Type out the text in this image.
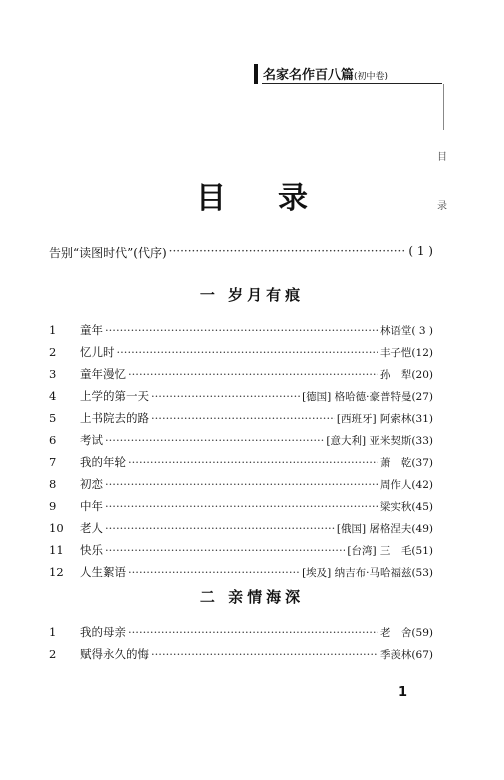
名家名作百八篇(初中卷)
目
录
目 录
告别“读图时代”(代序) ·····	( 1 )
一 岁月有痕
1	童年 ·····	林语堂( 3 )
2	忆儿时 ·····	丰子恺(12)
3	童年漫忆 ·····	孙　犁(20)
4	上学的第一天 ·····	[德国] 格哈德·豪普特曼(27)
5	上书院去的路 ·····	[西班牙] 阿索林(31)
6	考试 ·····	[意大利] 亚米契斯(33)
7	我的年轮 ·····	萧　乾(37)
8	初恋 ·····	周作人(42)
9	中年 ·····	梁实秋(45)
10	老人 ·····	[俄国] 屠格涅夫(49)
11	快乐 ·····	[台湾] 三　毛(51)
12	人生絮语 ·····	[埃及] 纳吉布·马哈福兹(53)
二 亲情海深
1	我的母亲 ·····	老　舍(59)
2	赋得永久的悔 ·····	季羡林(67)
1
